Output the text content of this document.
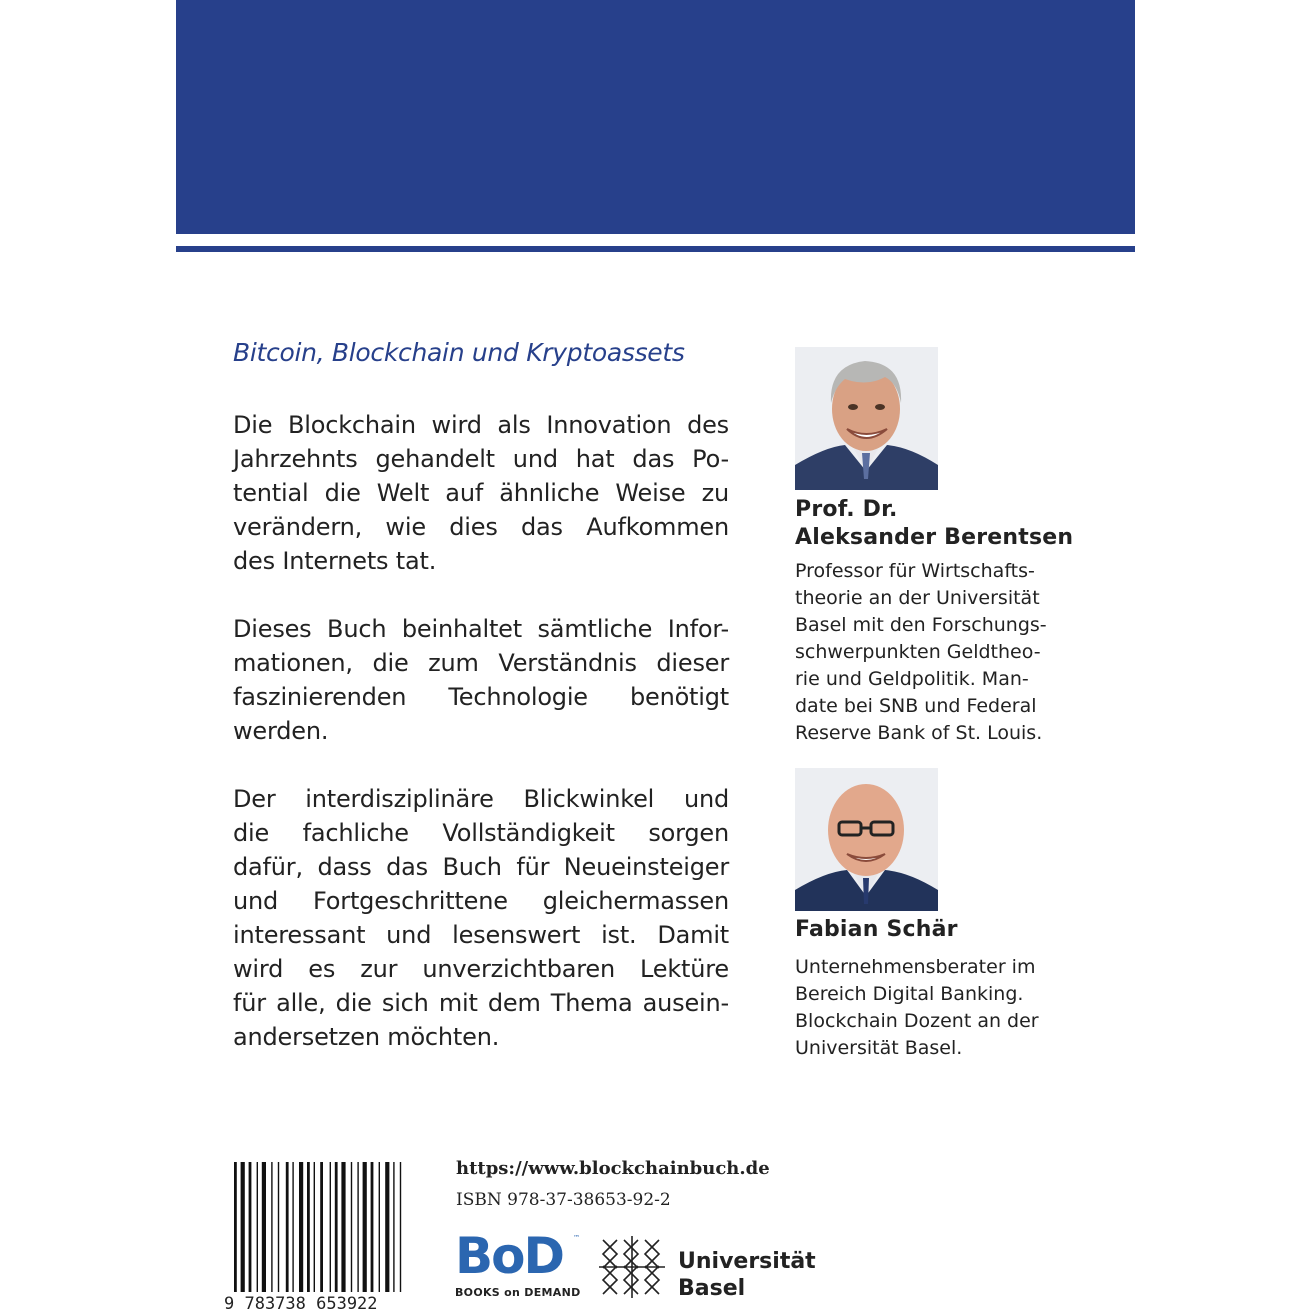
Bitcoin, Blockchain und Kryptoassets

Die Blockchain wird als Innovation des
Jahrzehnts gehandelt und hat das Po-
tential die Welt auf ähnliche Weise zu
verändern, wie dies das Aufkommen
des Internets tat.

Dieses Buch beinhaltet sämtliche Infor-
mationen, die zum Verständnis dieser
faszinierenden Technologie benötigt
werden.

Der interdisziplinäre Blickwinkel und
die fachliche Vollständigkeit sorgen
dafür, dass das Buch für Neueinsteiger
und Fortgeschrittene gleichermassen
interessant und lesenswert ist. Damit
wird es zur unverzichtbaren Lektüre
für alle, die sich mit dem Thema ausein-
andersetzen möchten.

Prof. Dr.
Aleksander Berentsen

Professor für Wirtschafts-
theorie an der Universität
Basel mit den Forschungs-
schwerpunkten Geldtheo-
rie und Geldpolitik. Man-
date bei SNB und Federal
Reserve Bank of St. Louis.

Fabian Schär

Unternehmensberater im
Bereich Digital Banking.
Blockchain Dozent an der
Universität Basel.

9 783738 653922
https://www.blockchainbuch.de
ISBN 978-37-38653-92-2
BoD ™
BOOKS on DEMAND
Universität
Basel
